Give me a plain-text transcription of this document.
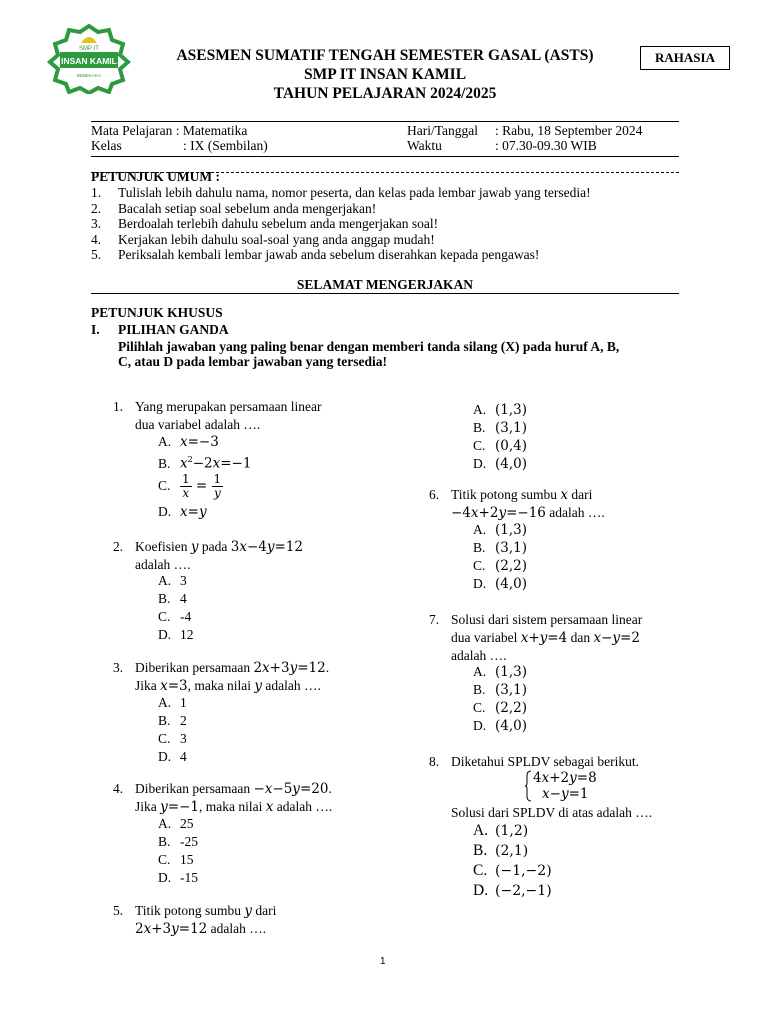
SMP IT
INSAN KAMIL
BEBEKAKA
ASESMEN SUMATIF TENGAH SEMESTER GASAL (ASTS)
SMP IT INSAN KAMIL
TAHUN PELAJARAN 2024/2025
RAHASIA
Mata Pelajaran : Matematika
Kelas	: IX (Sembilan)
Hari/Tanggal : Rabu, 18 September 2024
Waktu	: 07.30-09.30 WIB
PETUNJUK UMUM :
1.	Tulislah lebih dahulu nama, nomor peserta, dan kelas pada lembar jawab yang tersedia!
2.	Bacalah setiap soal sebelum anda mengerjakan!
3.	Berdoalah terlebih dahulu sebelum anda mengerjakan soal!
4.	Kerjakan lebih dahulu soal-soal yang anda anggap mudah!
5.	Periksalah kembali lembar jawab anda sebelum diserahkan kepada pengawas!
SELAMAT MENGERJAKAN
PETUNJUK KHUSUS
I. PILIHAN GANDA
Pilihlah jawaban yang paling benar dengan memberi tanda silang (X) pada huruf A, B,
C, atau D pada lembar jawaban yang tersedia!
1. Yang merupakan persamaan linear
dua variabel adalah ….
A. x=−3
B. $x^2-2x=-1$
C. $\frac{1}{x} = \frac{1}{y}$
D. x=y
2. Koefisien y pada 3x−4y=12
adalah ….
A. 3
B. 4
C. -4
D. 12
3. Diberikan persamaan 2x+3y=12.
Jika x=3, maka nilai y adalah ….
A. 1
B. 2
C. 3
D. 4
4. Diberikan persamaan −x−5y=20.
Jika y=−1, maka nilai x adalah ….
A. 25
B. -25
C. 15
D. -15
5. Titik potong sumbu y dari
2x+3y=12 adalah ….
A. (1,3)
B. (3,1)
C. (0,4)
D. (4,0)
6. Titik potong sumbu x dari
−4x+2y=−16 adalah ….
A. (1,3)
B. (3,1)
C. (2,2)
D. (4,0)
7. Solusi dari sistem persamaan linear
dua variabel x+y=4 dan x−y=2
adalah ….
A. (1,3)
B. (3,1)
C. (2,2)
D. (4,0)
8. Diketahui SPLDV sebagai berikut.
4x+2y=8
x−y=1
Solusi dari SPLDV di atas adalah ….
A. (1,2)
B. (2,1)
C. (−1,−2)
D. (−2,−1)
1
